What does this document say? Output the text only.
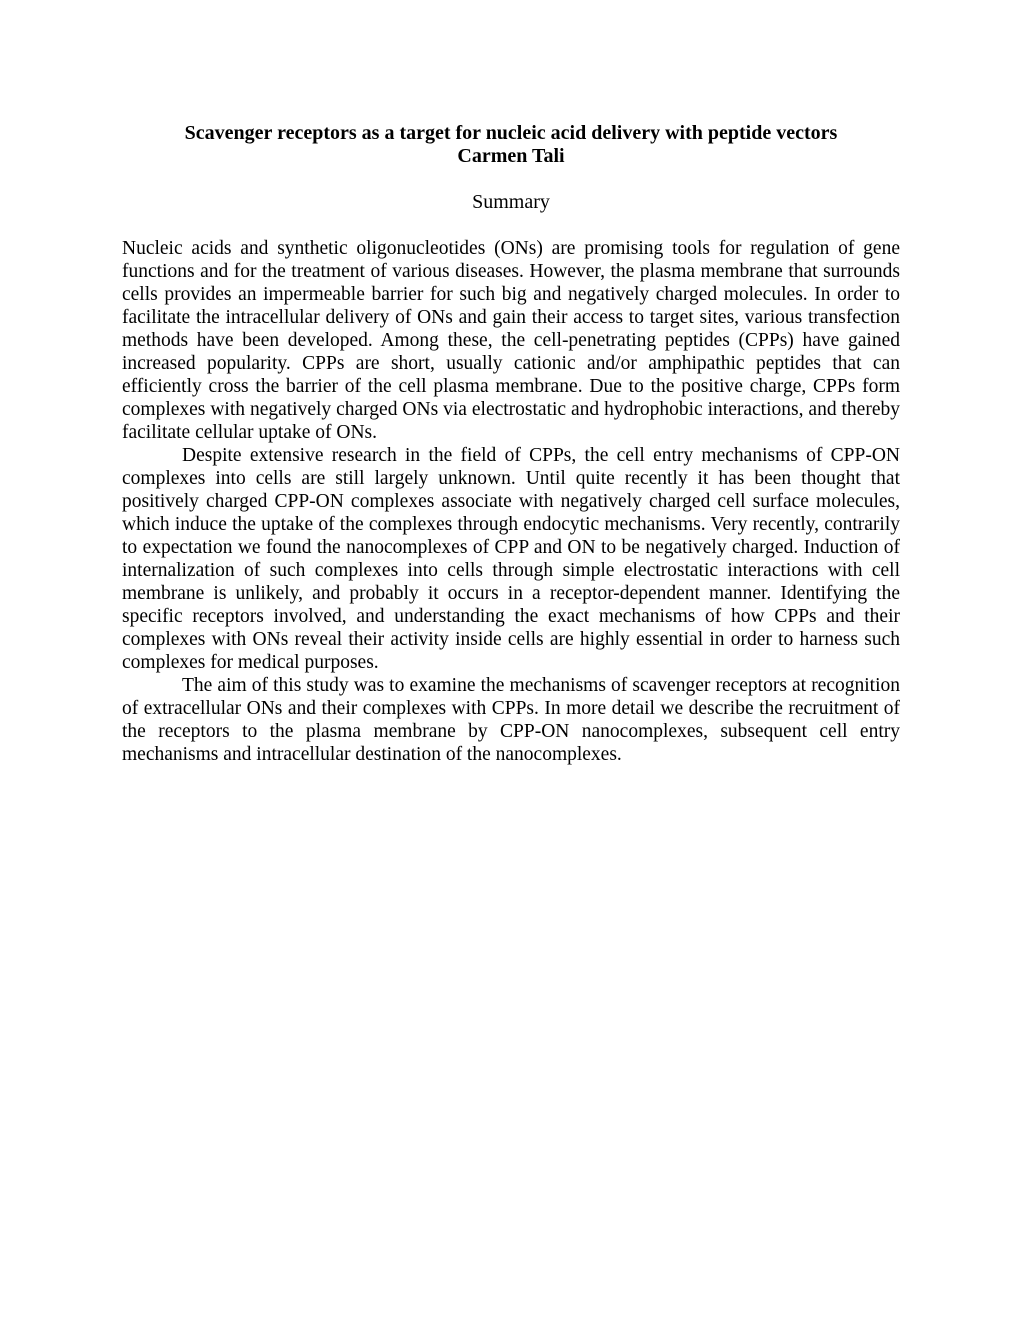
Scavenger receptors as a target for nucleic acid delivery with peptide vectors

Carmen Tali

Summary

Nucleic acids and synthetic oligonucleotides (ONs) are promising tools for regulation of gene functions and for the treatment of various diseases. However, the plasma membrane that surrounds cells provides an impermeable barrier for such big and negatively charged molecules. In order to facilitate the intracellular delivery of ONs and gain their access to target sites, various transfection methods have been developed. Among these, the cell-penetrating peptides (CPPs) have gained increased popularity. CPPs are short, usually cationic and/or amphipathic peptides that can efficiently cross the barrier of the cell plasma membrane. Due to the positive charge, CPPs form complexes with negatively charged ONs via electrostatic and hydrophobic interactions, and thereby facilitate cellular uptake of ONs.

Despite extensive research in the field of CPPs, the cell entry mechanisms of CPP-ON complexes into cells are still largely unknown. Until quite recently it has been thought that positively charged CPP-ON complexes associate with negatively charged cell surface molecules, which induce the uptake of the complexes through endocytic mechanisms. Very recently, contrarily to expectation we found the nanocomplexes of CPP and ON to be negatively charged. Induction of internalization of such complexes into cells through simple electrostatic interactions with cell membrane is unlikely, and probably it occurs in a receptor-dependent manner. Identifying the specific receptors involved, and understanding the exact mechanisms of how CPPs and their complexes with ONs reveal their activity inside cells are highly essential in order to harness such complexes for medical purposes.

The aim of this study was to examine the mechanisms of scavenger receptors at recognition of extracellular ONs and their complexes with CPPs. In more detail we describe the recruitment of the receptors to the plasma membrane by CPP-ON nanocomplexes, subsequent cell entry mechanisms and intracellular destination of the nanocomplexes.
